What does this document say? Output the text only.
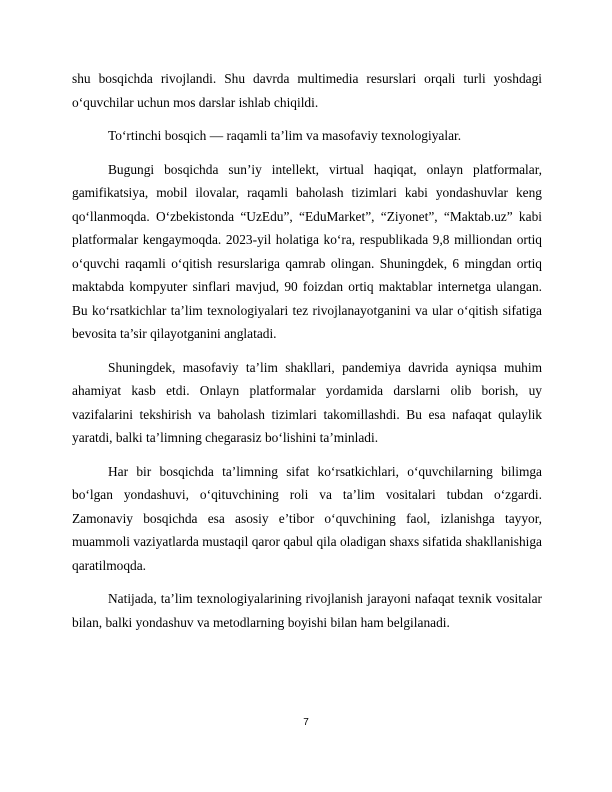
shu bosqichda rivojlandi. Shu davrda multimedia resurslari orqali turli yoshdagi o‘quvchilar uchun mos darslar ishlab chiqildi.

To‘rtinchi bosqich — raqamli ta’lim va masofaviy texnologiyalar.

Bugungi bosqichda sun’iy intellekt, virtual haqiqat, onlayn platformalar, gamifikatsiya, mobil ilovalar, raqamli baholash tizimlari kabi yondashuvlar keng qo‘llanmoqda. O‘zbekistonda “UzEdu”, “EduMarket”, “Ziyonet”, “Maktab.uz” kabi platformalar kengaymoqda. 2023-yil holatiga ko‘ra, respublikada 9,8 milliondan ortiq o‘quvchi raqamli o‘qitish resurslariga qamrab olingan. Shuningdek, 6 mingdan ortiq maktabda kompyuter sinflari mavjud, 90 foizdan ortiq maktablar internetga ulangan. Bu ko‘rsatkichlar ta’lim texnologiyalari tez rivojlanayotganini va ular o‘qitish sifatiga bevosita ta’sir qilayotganini anglatadi.

Shuningdek, masofaviy ta’lim shakllari, pandemiya davrida ayniqsa muhim ahamiyat kasb etdi. Onlayn platformalar yordamida darslarni olib borish, uy vazifalarini tekshirish va baholash tizimlari takomillashdi. Bu esa nafaqat qulaylik yaratdi, balki ta’limning chegarasiz bo‘lishini ta’minladi.

Har bir bosqichda ta’limning sifat ko‘rsatkichlari, o‘quvchilarning bilimga bo‘lgan yondashuvi, o‘qituvchining roli va ta’lim vositalari tubdan o‘zgardi. Zamonaviy bosqichda esa asosiy e’tibor o‘quvchining faol, izlanishga tayyor, muammoli vaziyatlarda mustaqil qaror qabul qila oladigan shaxs sifatida shakllanishiga qaratilmoqda.

Natijada, ta’lim texnologiyalarining rivojlanish jarayoni nafaqat texnik vositalar bilan, balki yondashuv va metodlarning boyishi bilan ham belgilanadi.

7
